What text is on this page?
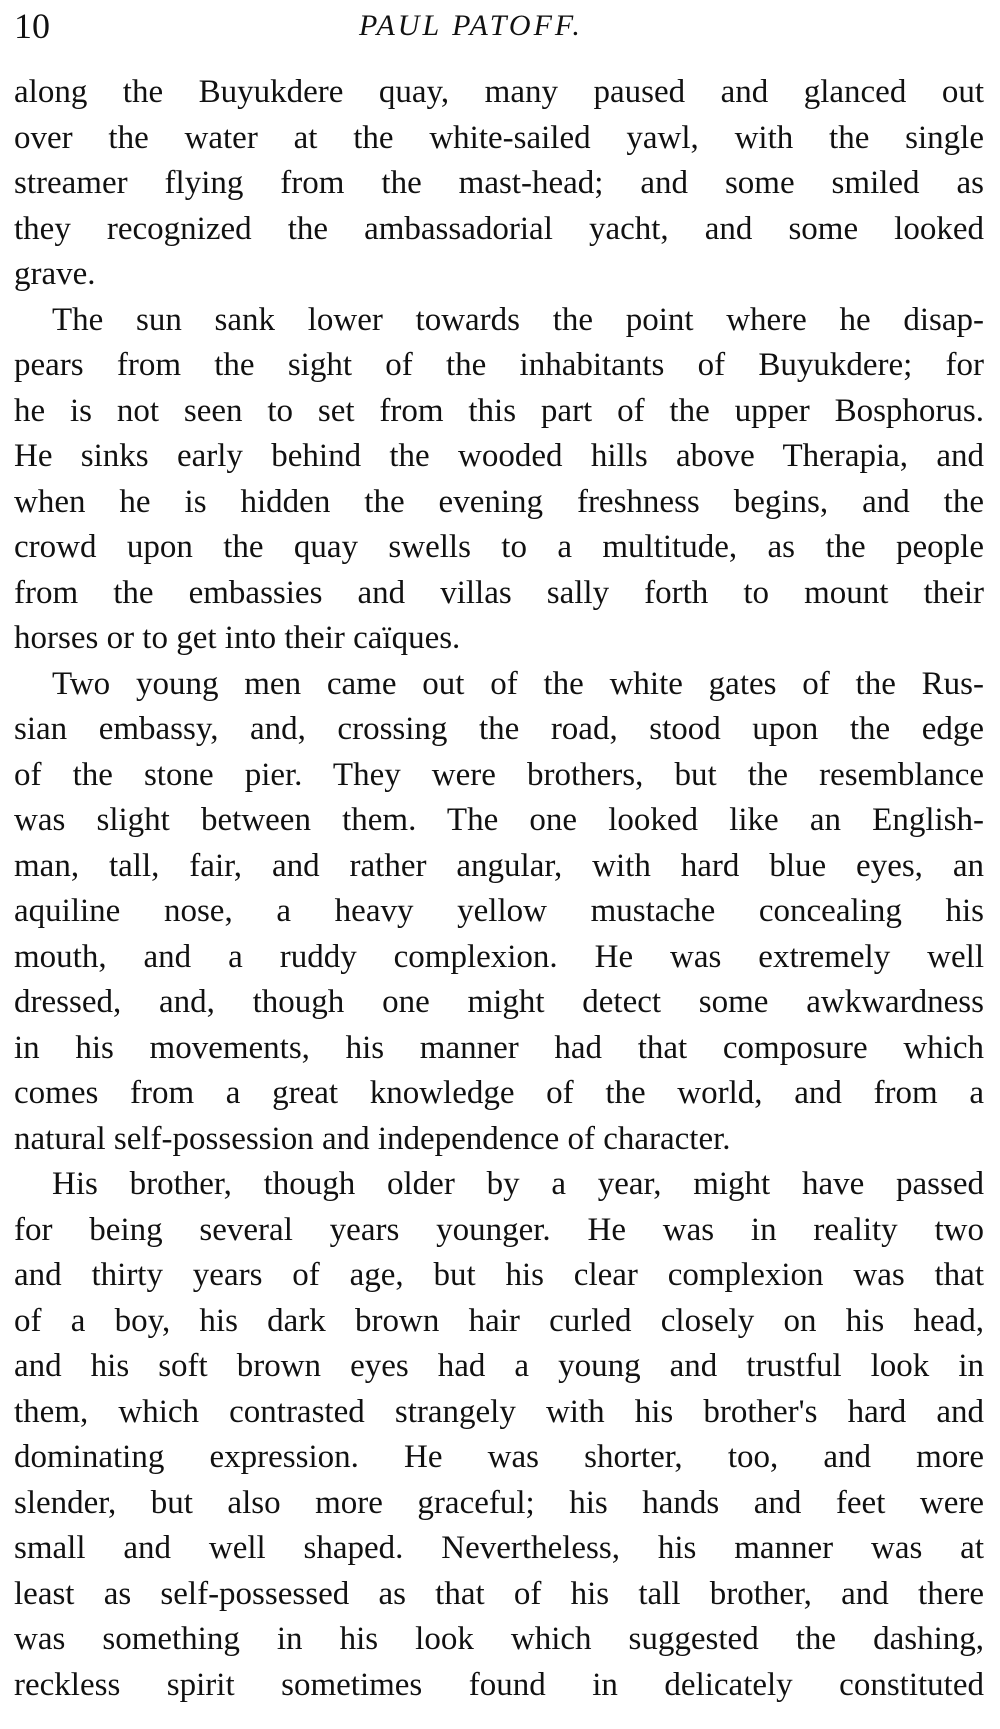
10	PAUL PATOFF.
along the Buyukdere quay, many paused and glanced out
over the water at the white-sailed yawl, with the single
streamer flying from the mast-head; and some smiled as
they recognized the ambassadorial yacht, and some looked
grave.
The sun sank lower towards the point where he disap-
pears from the sight of the inhabitants of Buyukdere; for
he is not seen to set from this part of the upper Bosphorus.
He sinks early behind the wooded hills above Therapia, and
when he is hidden the evening freshness begins, and the
crowd upon the quay swells to a multitude, as the people
from the embassies and villas sally forth to mount their
horses or to get into their caïques.
Two young men came out of the white gates of the Rus-
sian embassy, and, crossing the road, stood upon the edge
of the stone pier. They were brothers, but the resemblance
was slight between them. The one looked like an English-
man, tall, fair, and rather angular, with hard blue eyes, an
aquiline nose, a heavy yellow mustache concealing his
mouth, and a ruddy complexion. He was extremely well
dressed, and, though one might detect some awkwardness
in his movements, his manner had that composure which
comes from a great knowledge of the world, and from a
natural self-possession and independence of character.
His brother, though older by a year, might have passed
for being several years younger. He was in reality two
and thirty years of age, but his clear complexion was that
of a boy, his dark brown hair curled closely on his head,
and his soft brown eyes had a young and trustful look in
them, which contrasted strangely with his brother's hard and
dominating expression. He was shorter, too, and more
slender, but also more graceful; his hands and feet were
small and well shaped. Nevertheless, his manner was at
least as self-possessed as that of his tall brother, and there
was something in his look which suggested the dashing,
reckless spirit sometimes found in delicately constituted
